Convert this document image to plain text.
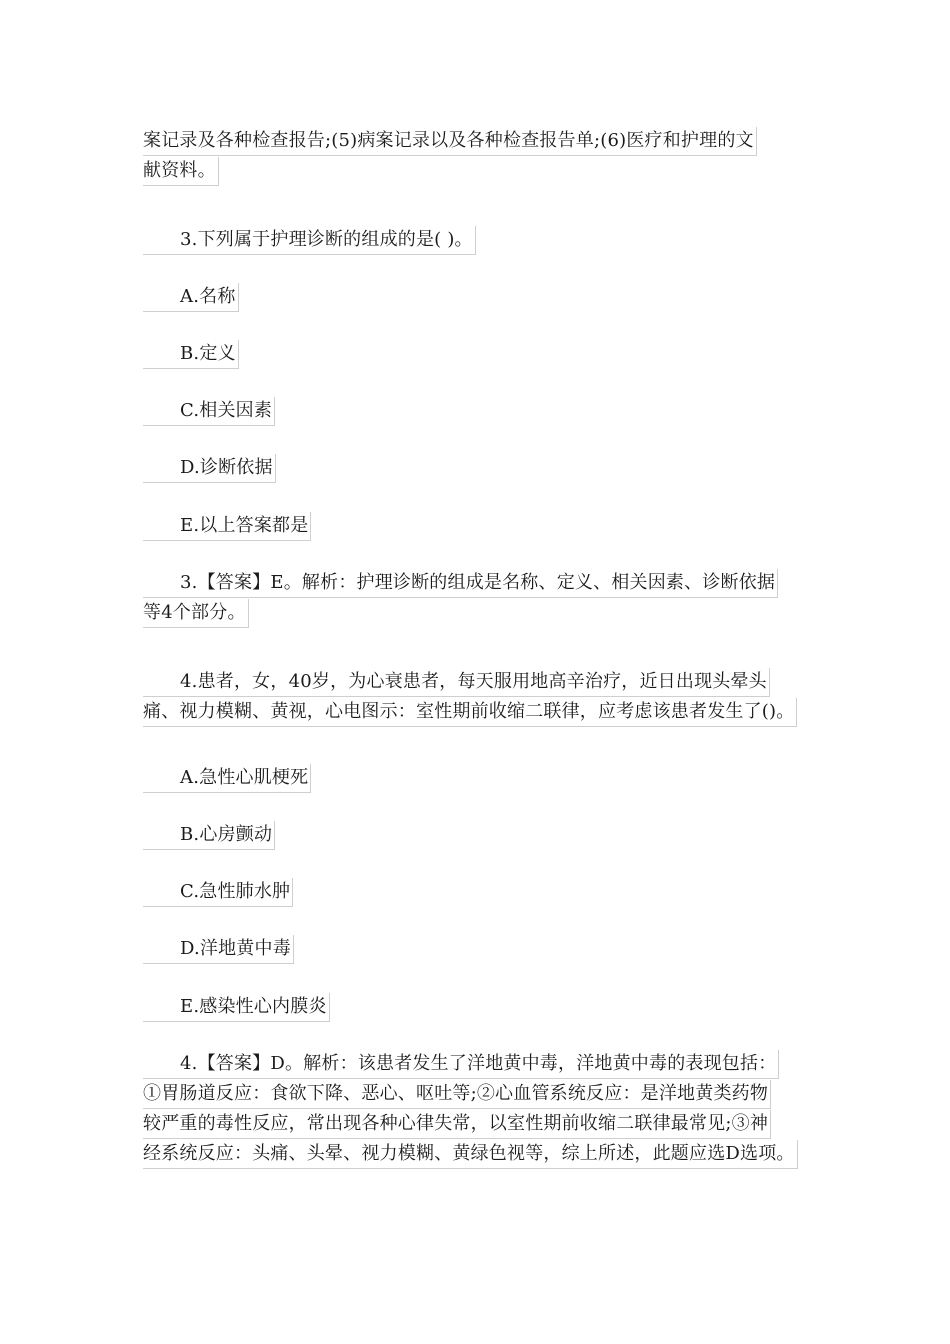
案记录及各种检查报告;(5)病案记录以及各种检查报告单;(6)医疗和护理的文
献资料。
3.下列属于护理诊断的组成的是( )。
A.名称
B.定义
C.相关因素
D.诊断依据
E.以上答案都是
3.【答案】E。解析：护理诊断的组成是名称、定义、相关因素、诊断依据
等4个部分。
4.患者，女，40岁，为心衰患者，每天服用地高辛治疗，近日出现头晕头
痛、视力模糊、黄视，心电图示：室性期前收缩二联律，应考虑该患者发生了()。
A.急性心肌梗死
B.心房颤动
C.急性肺水肿
D.洋地黄中毒
E.感染性心内膜炎
4.【答案】D。解析：该患者发生了洋地黄中毒，洋地黄中毒的表现包括：
①胃肠道反应：食欲下降、恶心、呕吐等;②心血管系统反应：是洋地黄类药物
较严重的毒性反应，常出现各种心律失常，以室性期前收缩二联律最常见;③神
经系统反应：头痛、头晕、视力模糊、黄绿色视等，综上所述，此题应选D选项。
